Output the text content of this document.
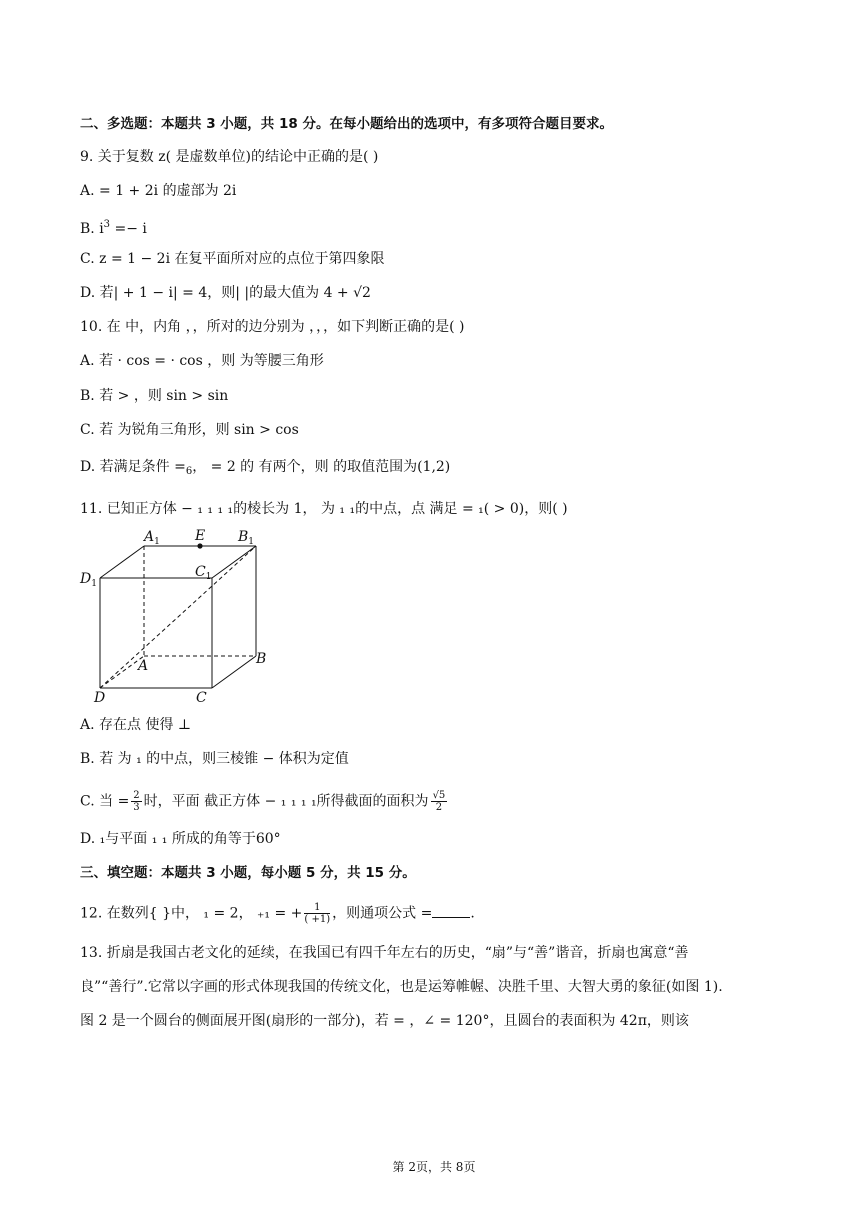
二、多选题：本题共 3 小题，共 18 分。在每小题给出的选项中，有多项符合题目要求。
9. 关于复数 z( 是虚数单位)的结论中正确的是( )
A. = 1 + 2i 的虚部为 2i
B. $i^3 =- i$
C. z = 1 − 2i 在复平面所对应的点位于第四象限
D. 若| + 1 − i| = 4，则| |的最大值为 4 + √2
10. 在 中，内角 ，，所对的边分别为 ，，，如下判断正确的是( )
A. 若 · cos = · cos ，则 为等腰三角形
B. 若 > ，则 sin > sin
C. 若 为锐角三角形，则 sin > cos
D. 若满足条件 $=_6$， = 2 的 有两个，则 的取值范围为(1,2)
11. 已知正方体 − ₁ ₁ ₁ ₁的棱长为 1， 为 ₁ ₁的中点，点 满足 = ₁( > 0)，则( )
$A_1$	E $B_1$
$D_1$
$C_1$
A	B
D	C
A. 存在点 使得 ⊥
B. 若 为 ₁ 的中点，则三棱锥 − 体积为定值
C. 当 = $\frac{2}{3}$ 时，平面 截正方体 − ₁ ₁ ₁ ₁所得截面的面积为 $\frac{√5}{2}$
D. ₁与平面 ₁ ₁ 所成的角等于60°
三、填空题：本题共 3 小题，每小题 5 分，共 15 分。
12. 在数列{ }中， ₁ = 2， ₊₁ = + $\frac{1}{( +1)}$ ，则通项公式 =	.
13. 折扇是我国古老文化的延续，在我国已有四千年左右的历史，“扇”与“善”谐音，折扇也寓意“善
良”“善行”.它常以字画的形式体现我国的传统文化，也是运筹帷幄、决胜千里、大智大勇的象征(如图 1).
图 2 是一个圆台的侧面展开图(扇形的一部分)，若 = ，∠ = 120°，且圆台的表面积为 42π，则该
第 2页，共 8页
